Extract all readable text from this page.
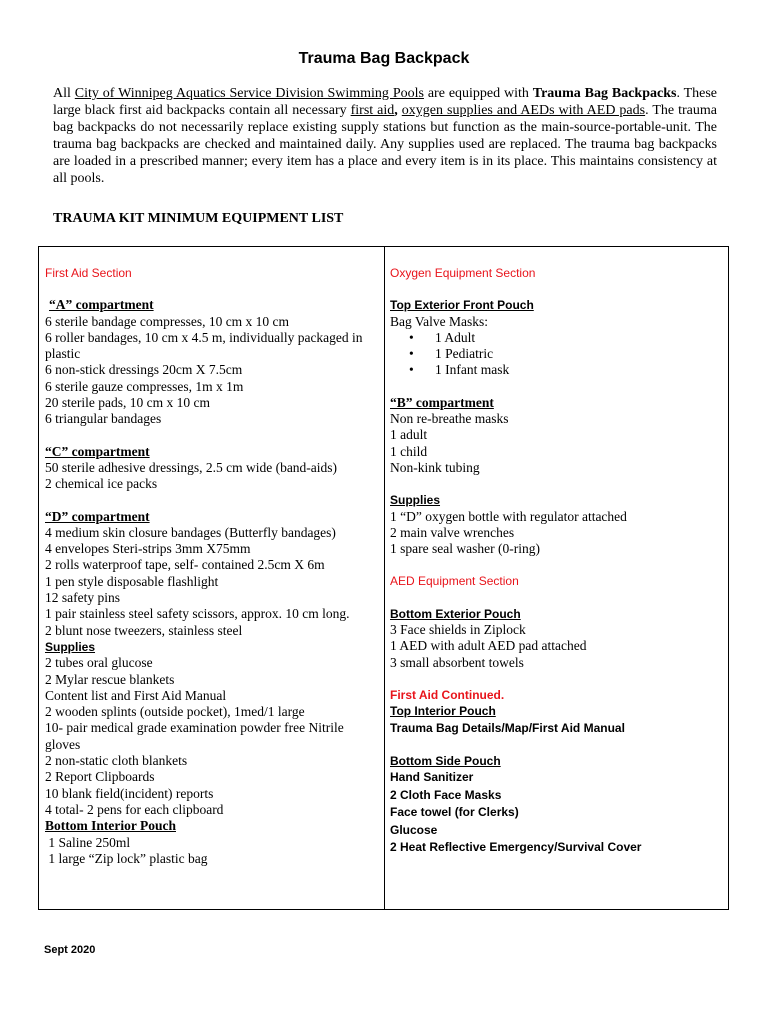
Trauma Bag Backpack
All City of Winnipeg Aquatics Service Division Swimming Pools are equipped with Trauma Bag Backpacks. These large black first aid backpacks contain all necessary first aid, oxygen supplies and AEDs with AED pads. The trauma bag backpacks do not necessarily replace existing supply stations but function as the main-source-portable-unit. The trauma bag backpacks are checked and maintained daily. Any supplies used are replaced. The trauma bag backpacks are loaded in a prescribed manner; every item has a place and every item is in its place. This maintains consistency at all pools.
TRAUMA KIT MINIMUM EQUIPMENT LIST
First Aid Section
“A” compartment
6 sterile bandage compresses, 10 cm x 10 cm
6 roller bandages, 10 cm x 4.5 m, individually packaged in plastic
6 non-stick dressings 20cm X 7.5cm
6 sterile gauze compresses, 1m x 1m
20 sterile pads, 10 cm x 10 cm
6 triangular bandages
“C” compartment
50 sterile adhesive dressings, 2.5 cm wide (band-aids)
2 chemical ice packs
“D” compartment
4 medium skin closure bandages (Butterfly bandages)
4 envelopes Steri-strips 3mm X75mm
2 rolls waterproof tape, self- contained 2.5cm X 6m
1 pen style disposable flashlight
12 safety pins
1 pair stainless steel safety scissors, approx. 10 cm long.
2 blunt nose tweezers, stainless steel
Supplies
2 tubes oral glucose
2 Mylar rescue blankets
Content list and First Aid Manual
2 wooden splints (outside pocket), 1med/1 large
10- pair medical grade examination powder free Nitrile gloves
2 non-static cloth blankets
2 Report Clipboards
10 blank field(incident) reports
4 total- 2 pens for each clipboard
Bottom Interior Pouch
1 Saline 250ml
1 large “Zip lock” plastic bag
Oxygen Equipment Section
Top Exterior Front Pouch
Bag Valve Masks:
• 1 Adult
• 1 Pediatric
• 1 Infant mask
“B” compartment
Non re-breathe masks
1 adult
1 child
Non-kink tubing
Supplies
1 “D” oxygen bottle with regulator attached
2 main valve wrenches
1 spare seal washer (0-ring)
AED Equipment Section
Bottom Exterior Pouch
3 Face shields in Ziplock
1 AED with adult AED pad attached
3 small absorbent towels
First Aid Continued.
Top Interior Pouch
Trauma Bag Details/Map/First Aid Manual
Bottom Side Pouch
Hand Sanitizer
2 Cloth Face Masks
Face towel (for Clerks)
Glucose
2 Heat Reflective Emergency/Survival Cover
Sept 2020
